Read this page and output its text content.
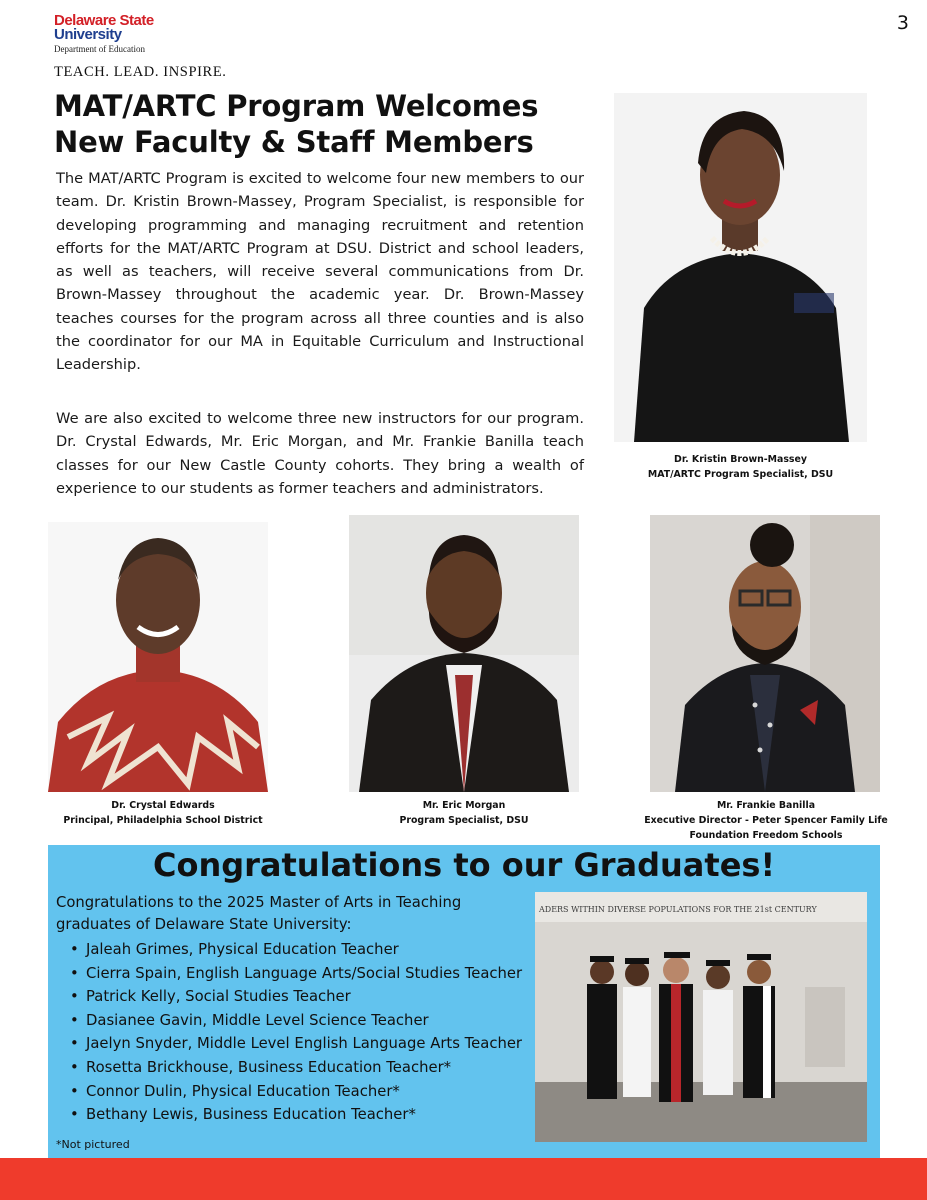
Delaware State
University
Department of Education
TEACH. LEAD. INSPIRE.
3
MAT/ARTC Program Welcomes
New Faculty & Staff Members

The MAT/ARTC Program is excited to welcome four new members to our team. Dr. Kristin Brown-Massey, Program Specialist, is responsible for developing programming and managing recruitment and retention efforts for the MAT/ARTC Program at DSU. District and school leaders, as well as teachers, will receive several communications from Dr. Brown-Massey throughout the academic year. Dr. Brown-Massey teaches courses for the program across all three counties and is also the coordinator for our MA in Equitable Curriculum and Instructional Leadership.

We are also excited to welcome three new instructors for our program. Dr. Crystal Edwards, Mr. Eric Morgan, and Mr. Frankie Banilla teach classes for our New Castle County cohorts. They bring a wealth of experience to our students as former teachers and administrators.

Dr. Kristin Brown-Massey
MAT/ARTC Program Specialist, DSU
Dr. Crystal Edwards
Principal, Philadelphia School District
Mr. Eric Morgan
Program Specialist, DSU
Mr. Frankie Banilla
Executive Director - Peter Spencer Family Life
Foundation Freedom Schools
Congratulations to our Graduates!
Congratulations to the 2025 Master of Arts in Teaching graduates of Delaware State University:
• Jaleah Grimes, Physical Education Teacher
• Cierra Spain, English Language Arts/Social Studies Teacher
• Patrick Kelly, Social Studies Teacher
• Dasianee Gavin, Middle Level Science Teacher
• Jaelyn Snyder, Middle Level English Language Arts Teacher
• Rosetta Brickhouse, Business Education Teacher*
• Connor Dulin, Physical Education Teacher*
• Bethany Lewis, Business Education Teacher*
*Not pictured
ADERS WITHIN DIVERSE POPULATIONS FOR THE 21st CENTURY
